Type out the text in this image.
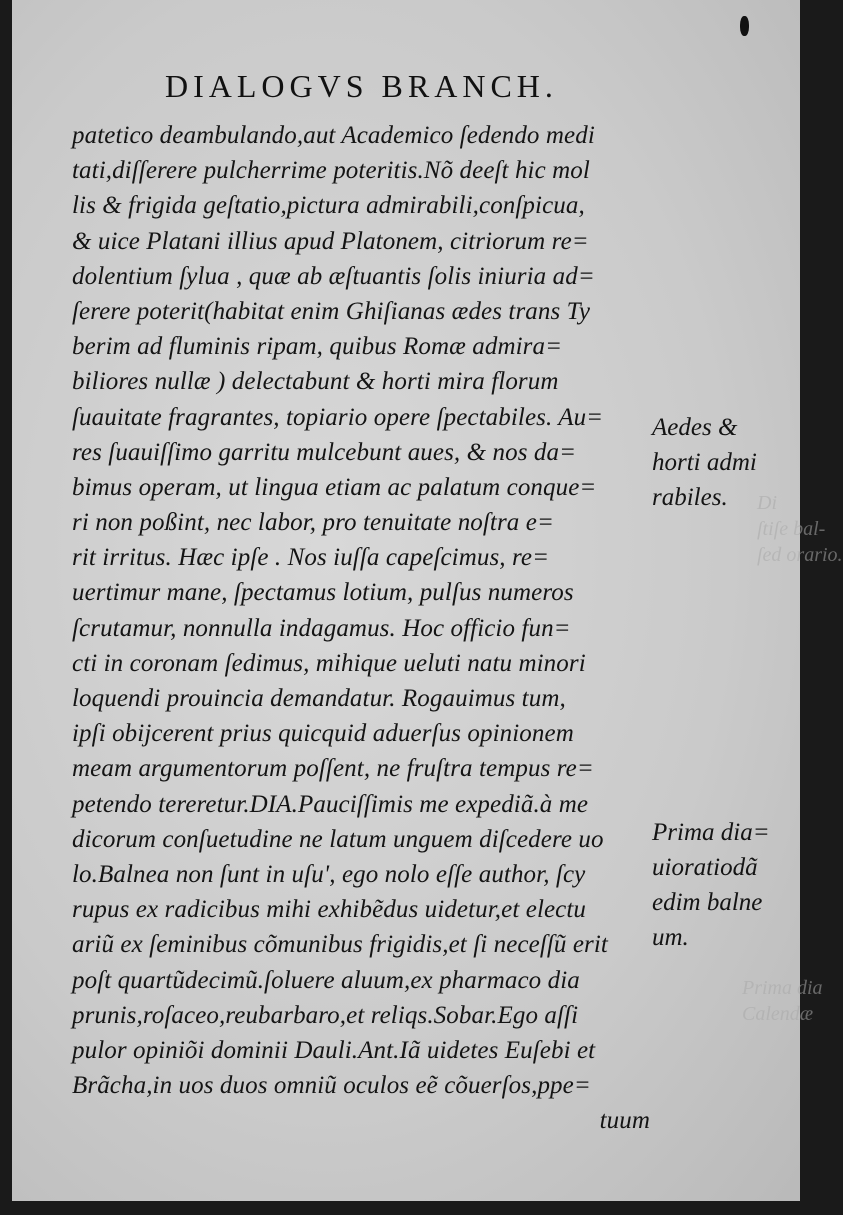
DIALOGVS BRANCH.
patetico deambulando,aut Academico ſedendo medi
tati,diſſerere pulcherrime poteritis.Nõ deeſt hic mol
lis & frigida geſtatio,pictura admirabili,conſpicua,
& uice Platani illius apud Platonem, citriorum re=
dolentium ſylua , quæ ab æſtuantis ſolis iniuria ad=
ſerere poterit(habitat enim Ghiſianas ædes trans Ty
berim ad fluminis ripam, quibus Romæ admira=
biliores nullæ ) delectabunt & horti mira florum
ſuauitate fragrantes, topiario opere ſpectabiles. Au=
res ſuauiſſimo garritu mulcebunt aues, & nos da=
bimus operam, ut lingua etiam ac palatum conque=
ri non poßint, nec labor, pro tenuitate noſtra e=
rit irritus. Hæc ipſe . Nos iuſſa capeſcimus, re=
uertimur mane, ſpectamus lotium, pulſus numeros
ſcrutamur, nonnulla indagamus. Hoc officio fun=
cti in coronam ſedimus, mihique ueluti natu minori
loquendi prouincia demandatur. Rogauimus tum,
ipſi obijcerent prius quicquid aduerſus opinionem
meam argumentorum poſſent, ne fruſtra tempus re=
petendo tereretur.DIA.Pauciſſimis me expediã.à me
dicorum conſuetudine ne latum unguem diſcedere uo
lo.Balnea non ſunt in uſu', ego nolo eſſe author, ſcy
rupus ex radicibus mihi exhibẽdus uidetur,et electu
ariũ ex ſeminibus cõmunibus frigidis,et ſi neceſſũ erit
poſt quartũdecimũ.ſoluere aluum,ex pharmaco dia
prunis,roſaceo,reubarbaro,et reliqs.Sobar.Ego aſſi
pulor opiniõi dominii Dauli.Ant.Iã uidetes Euſebi et
Brãcha,in uos duos omniũ oculos eẽ cõuerſos,ppe=
tuum
Di
ſtiſe bal-
ſed orario.
Prima dia
Calendæ
Aedes &
horti admi
rabiles.
Prima dia=
uioratiodã
edim balne
um.
